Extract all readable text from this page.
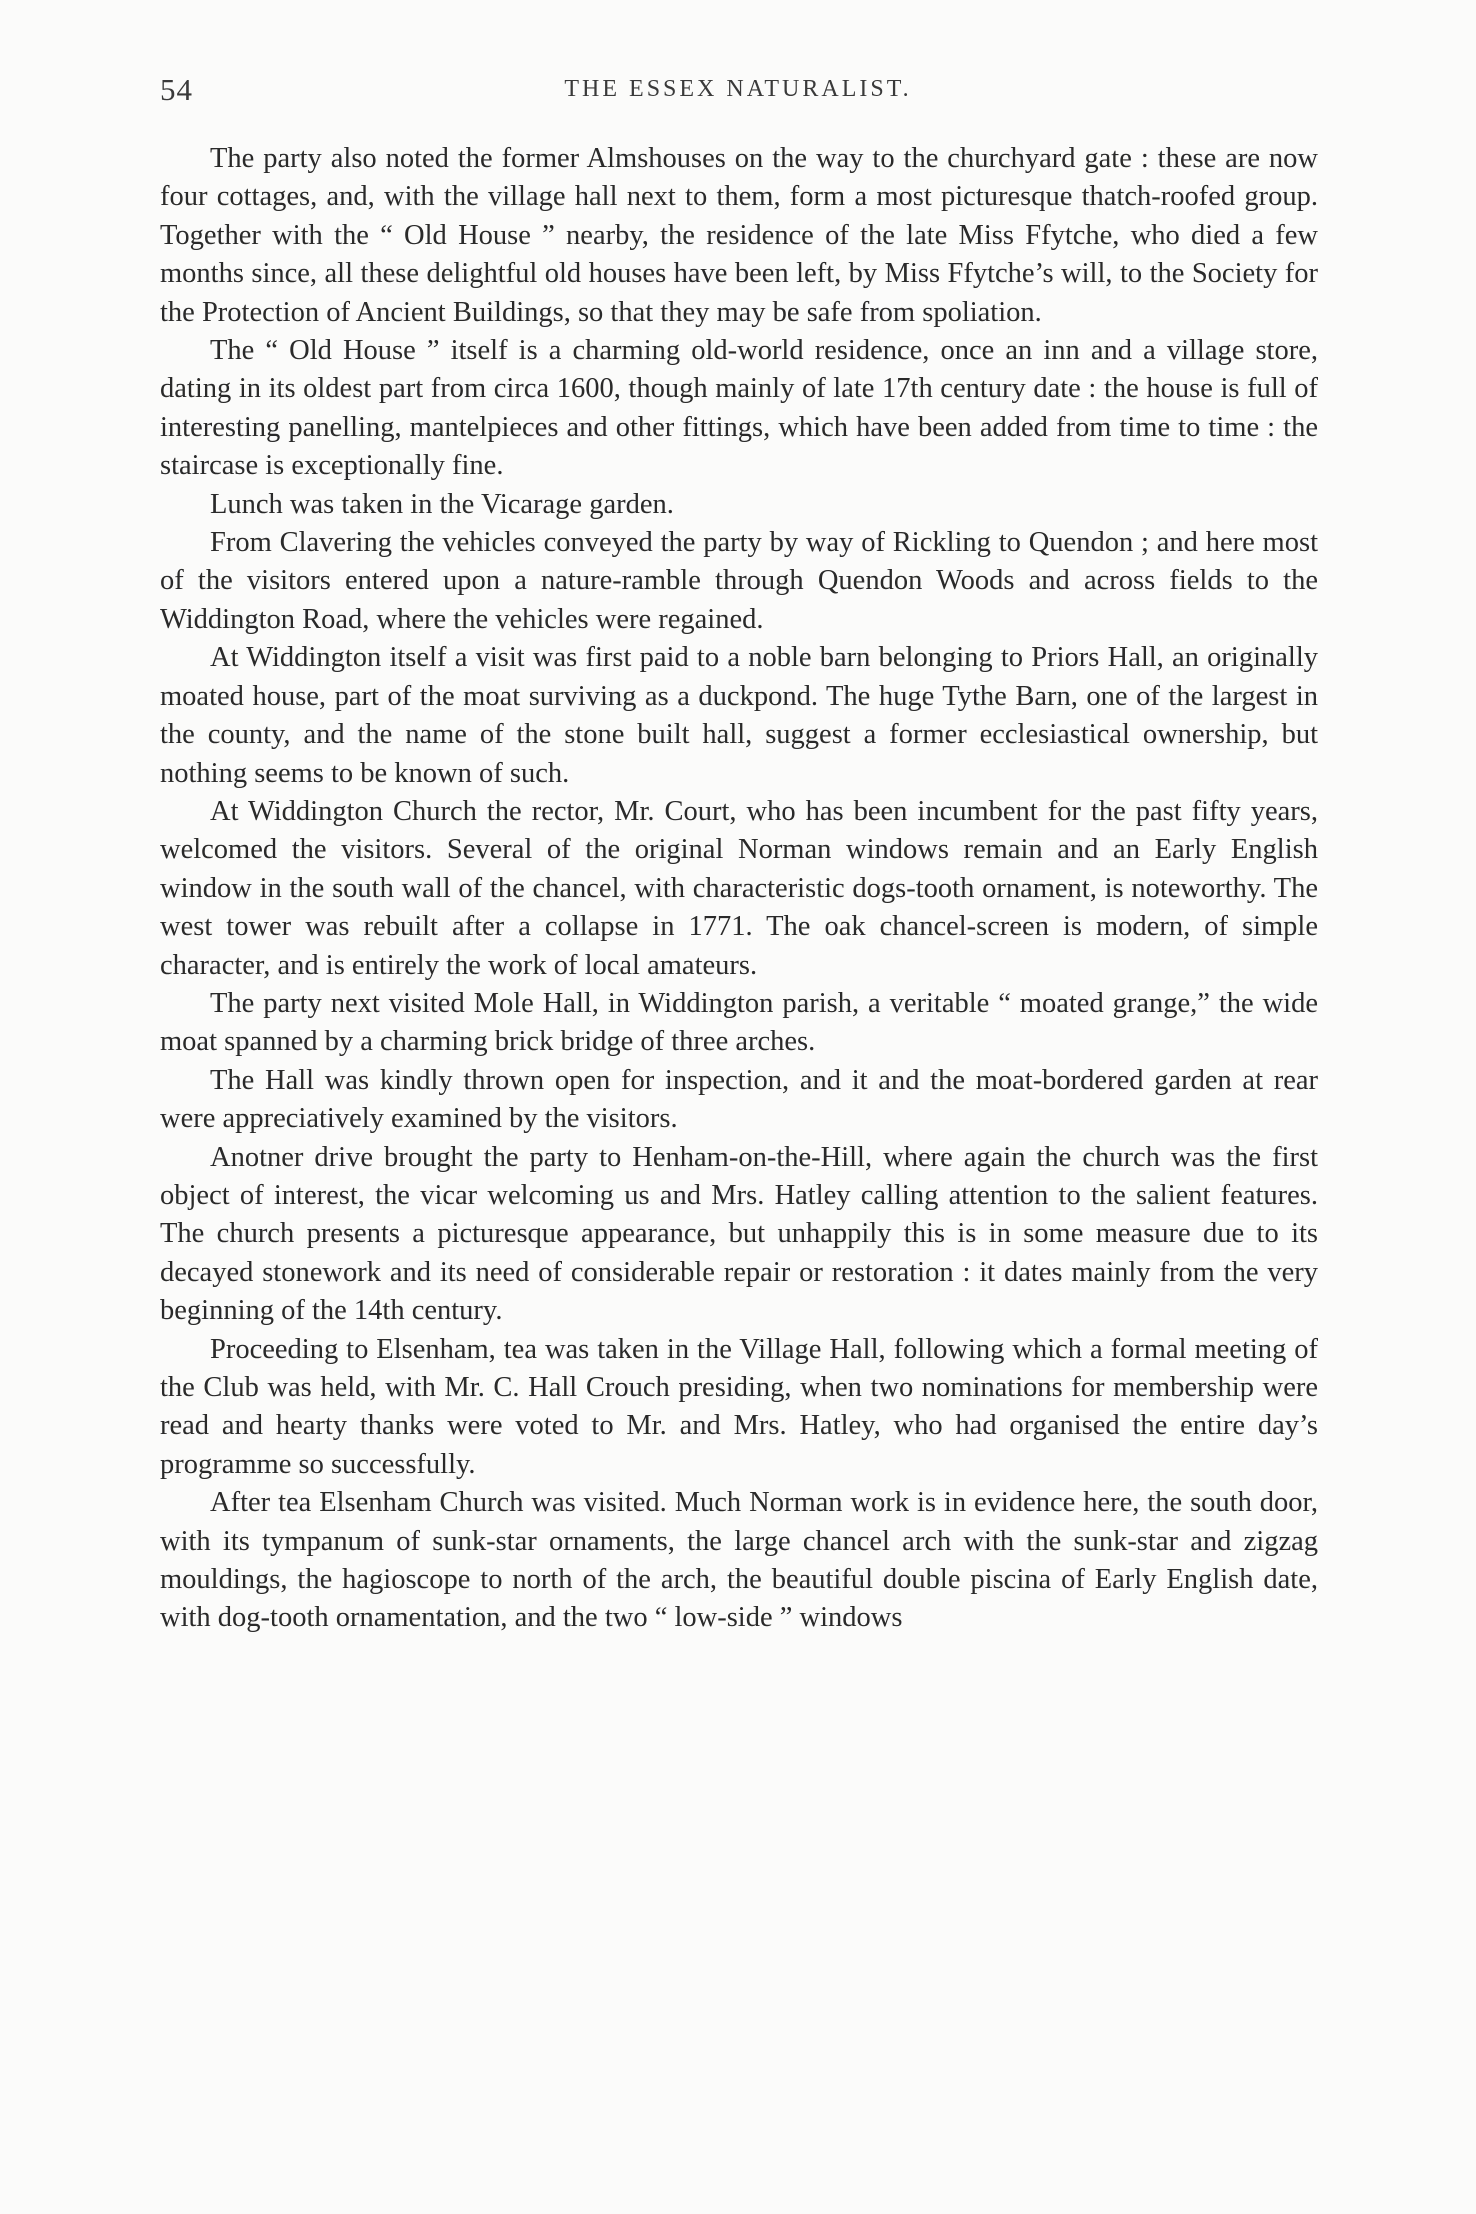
54	THE ESSEX NATURALIST.

The party also noted the former Almshouses on the way to the churchyard gate : these are now four cottages, and, with the village hall next to them, form a most picturesque thatch-roofed group. Together with the “ Old House ” nearby, the residence of the late Miss Ffytche, who died a few months since, all these delightful old houses have been left, by Miss Ffytche’s will, to the Society for the Protection of Ancient Buildings, so that they may be safe from spoliation.

The “ Old House ” itself is a charming old-world residence, once an inn and a village store, dating in its oldest part from circa 1600, though mainly of late 17th century date : the house is full of interesting panelling, mantelpieces and other fittings, which have been added from time to time : the staircase is exceptionally fine.

Lunch was taken in the Vicarage garden.

From Clavering the vehicles conveyed the party by way of Rickling to Quendon ; and here most of the visitors entered upon a nature-ramble through Quendon Woods and across fields to the Widdington Road, where the vehicles were regained.

At Widdington itself a visit was first paid to a noble barn belonging to Priors Hall, an originally moated house, part of the moat surviving as a duckpond. The huge Tythe Barn, one of the largest in the county, and the name of the stone built hall, suggest a former ecclesiastical ownership, but nothing seems to be known of such.

At Widdington Church the rector, Mr. Court, who has been incumbent for the past fifty years, welcomed the visitors. Several of the original Norman windows remain and an Early English window in the south wall of the chancel, with characteristic dogs-tooth ornament, is noteworthy. The west tower was rebuilt after a collapse in 1771. The oak chancel-screen is modern, of simple character, and is entirely the work of local amateurs.

The party next visited Mole Hall, in Widdington parish, a veritable “ moated grange,” the wide moat spanned by a charming brick bridge of three arches.

The Hall was kindly thrown open for inspection, and it and the moat-bordered garden at rear were appreciatively examined by the visitors.

Anotner drive brought the party to Henham-on-the-Hill, where again the church was the first object of interest, the vicar welcoming us and Mrs. Hatley calling attention to the salient features. The church presents a picturesque appearance, but unhappily this is in some measure due to its decayed stonework and its need of considerable repair or restoration : it dates mainly from the very beginning of the 14th century.

Proceeding to Elsenham, tea was taken in the Village Hall, following which a formal meeting of the Club was held, with Mr. C. Hall Crouch presiding, when two nominations for membership were read and hearty thanks were voted to Mr. and Mrs. Hatley, who had organised the entire day’s programme so successfully.

After tea Elsenham Church was visited. Much Norman work is in evidence here, the south door, with its tympanum of sunk-star ornaments, the large chancel arch with the sunk-star and zigzag mouldings, the hagioscope to north of the arch, the beautiful double piscina of Early English date, with dog-tooth ornamentation, and the two “ low-side ” windows
